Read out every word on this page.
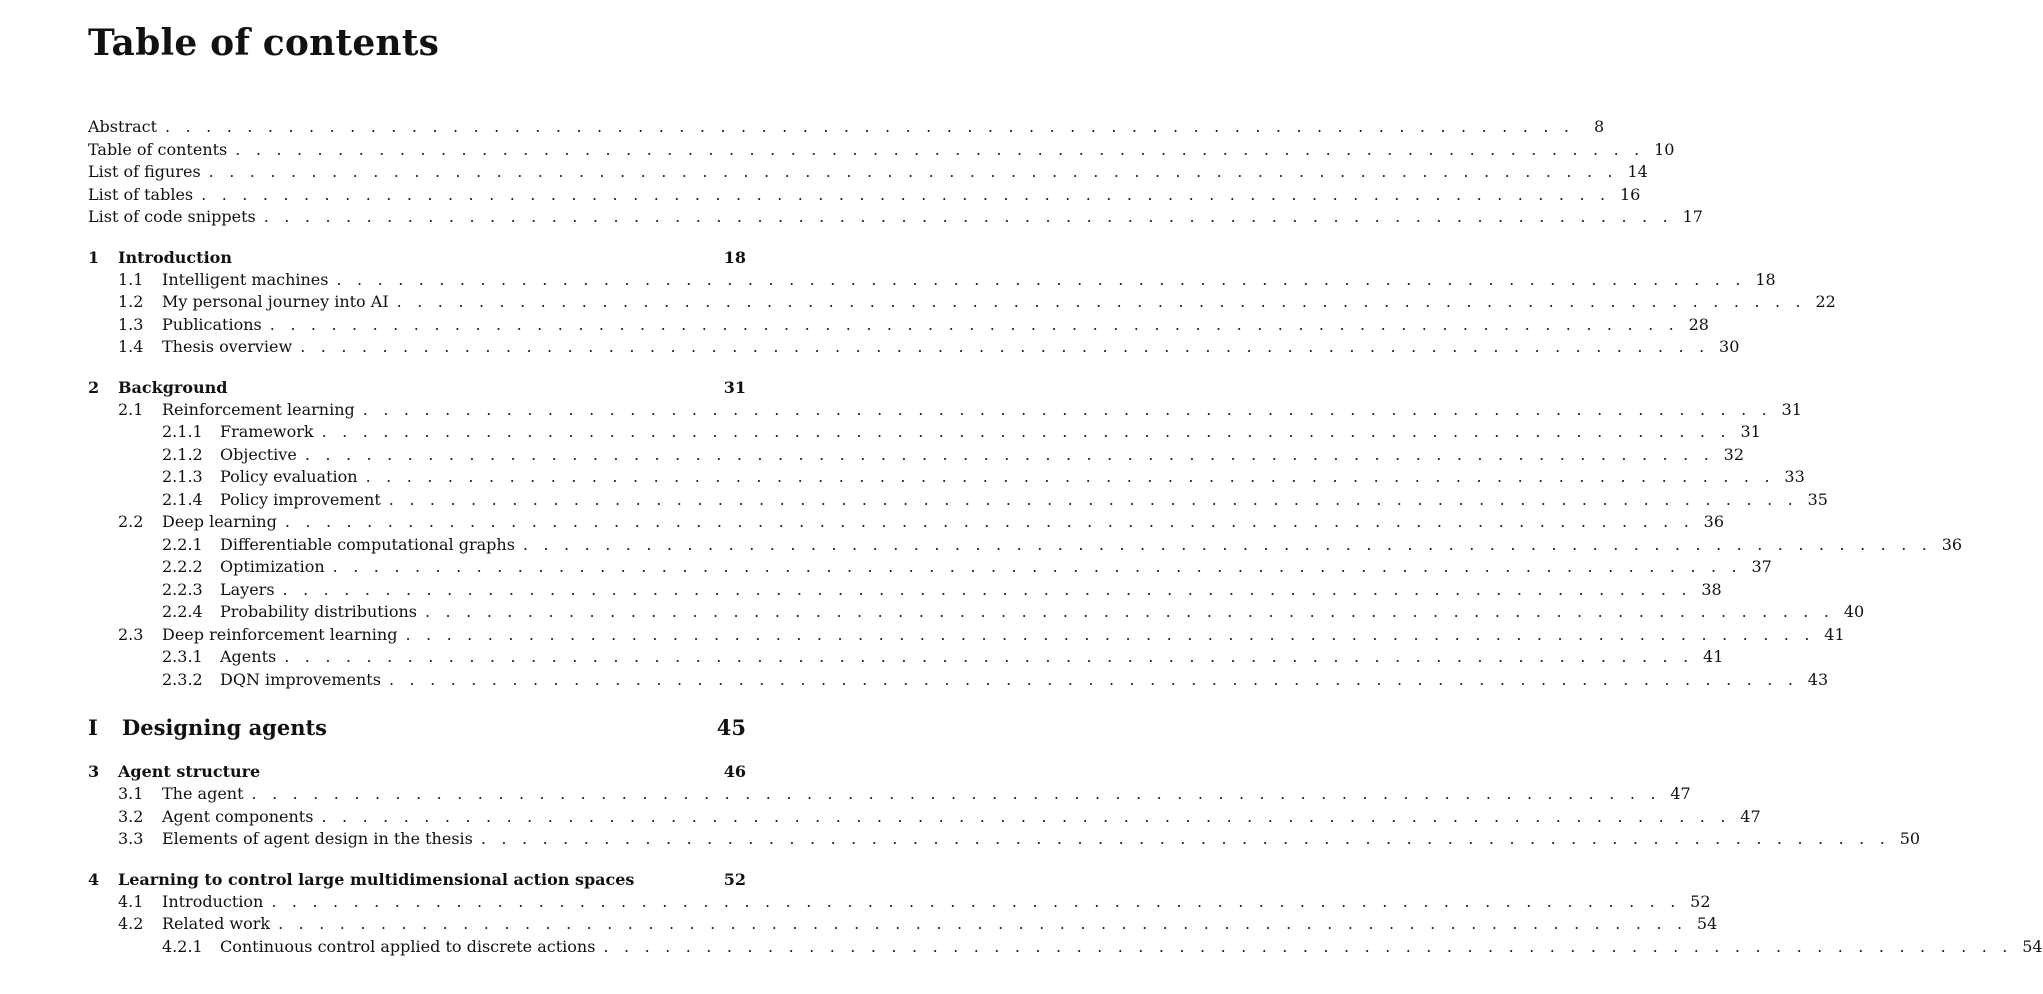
Table of contents
Abstract . . . . . . . . . . . . . . . . . . . . . . . . . . . . . . . . . . . . . . . . . . . . . . . . . . . . . . . . . . . . . . . . . . . . .	8
Table of contents . . . . . . . . . . . . . . . . . . . . . . . . . . . . . . . . . . . . . . . . . . . . . . . . . . . . . . . . . . . . . . . . . . . . . 10
List of figures . . . . . . . . . . . . . . . . . . . . . . . . . . . . . . . . . . . . . . . . . . . . . . . . . . . . . . . . . . . . . . . . . . . . . 14
List of tables . . . . . . . . . . . . . . . . . . . . . . . . . . . . . . . . . . . . . . . . . . . . . . . . . . . . . . . . . . . . . . . . . . . . . 16
List of code snippets . . . . . . . . . . . . . . . . . . . . . . . . . . . . . . . . . . . . . . . . . . . . . . . . . . . . . . . . . . . . . . . . . . . . . 17
1	Introduction	18
1.1	Intelligent machines . . . . . . . . . . . . . . . . . . . . . . . . . . . . . . . . . . . . . . . . . . . . . . . . . . . . . . . . . . . . . . . . . . . . . 18
1.2	My personal journey into AI . . . . . . . . . . . . . . . . . . . . . . . . . . . . . . . . . . . . . . . . . . . . . . . . . . . . . . . . . . . . . . . . . . . . . 22
1.3	Publications . . . . . . . . . . . . . . . . . . . . . . . . . . . . . . . . . . . . . . . . . . . . . . . . . . . . . . . . . . . . . . . . . . . . . 28
1.4	Thesis overview . . . . . . . . . . . . . . . . . . . . . . . . . . . . . . . . . . . . . . . . . . . . . . . . . . . . . . . . . . . . . . . . . . . . . 30
2	Background	31
2.1	Reinforcement learning . . . . . . . . . . . . . . . . . . . . . . . . . . . . . . . . . . . . . . . . . . . . . . . . . . . . . . . . . . . . . . . . . . . . . 31
2.1.1	Framework . . . . . . . . . . . . . . . . . . . . . . . . . . . . . . . . . . . . . . . . . . . . . . . . . . . . . . . . . . . . . . . . . . . . . 31
2.1.2	Objective . . . . . . . . . . . . . . . . . . . . . . . . . . . . . . . . . . . . . . . . . . . . . . . . . . . . . . . . . . . . . . . . . . . . . 32
2.1.3	Policy evaluation . . . . . . . . . . . . . . . . . . . . . . . . . . . . . . . . . . . . . . . . . . . . . . . . . . . . . . . . . . . . . . . . . . . . . 33
2.1.4	Policy improvement . . . . . . . . . . . . . . . . . . . . . . . . . . . . . . . . . . . . . . . . . . . . . . . . . . . . . . . . . . . . . . . . . . . . . 35
2.2	Deep learning . . . . . . . . . . . . . . . . . . . . . . . . . . . . . . . . . . . . . . . . . . . . . . . . . . . . . . . . . . . . . . . . . . . . . 36
2.2.1	Differentiable computational graphs . . . . . . . . . . . . . . . . . . . . . . . . . . . . . . . . . . . . . . . . . . . . . . . . . . . . . . . . . . . . . . . . . . . . . 36
2.2.2	Optimization . . . . . . . . . . . . . . . . . . . . . . . . . . . . . . . . . . . . . . . . . . . . . . . . . . . . . . . . . . . . . . . . . . . . . 37
2.2.3	Layers . . . . . . . . . . . . . . . . . . . . . . . . . . . . . . . . . . . . . . . . . . . . . . . . . . . . . . . . . . . . . . . . . . . . . 38
2.2.4	Probability distributions . . . . . . . . . . . . . . . . . . . . . . . . . . . . . . . . . . . . . . . . . . . . . . . . . . . . . . . . . . . . . . . . . . . . . 40
2.3	Deep reinforcement learning . . . . . . . . . . . . . . . . . . . . . . . . . . . . . . . . . . . . . . . . . . . . . . . . . . . . . . . . . . . . . . . . . . . . . 41
2.3.1	Agents . . . . . . . . . . . . . . . . . . . . . . . . . . . . . . . . . . . . . . . . . . . . . . . . . . . . . . . . . . . . . . . . . . . . . 41
2.3.2	DQN improvements . . . . . . . . . . . . . . . . . . . . . . . . . . . . . . . . . . . . . . . . . . . . . . . . . . . . . . . . . . . . . . . . . . . . . 43
I	Designing agents	45
3	Agent structure	46
3.1	The agent . . . . . . . . . . . . . . . . . . . . . . . . . . . . . . . . . . . . . . . . . . . . . . . . . . . . . . . . . . . . . . . . . . . . . 47
3.2	Agent components . . . . . . . . . . . . . . . . . . . . . . . . . . . . . . . . . . . . . . . . . . . . . . . . . . . . . . . . . . . . . . . . . . . . . 47
3.3	Elements of agent design in the thesis . . . . . . . . . . . . . . . . . . . . . . . . . . . . . . . . . . . . . . . . . . . . . . . . . . . . . . . . . . . . . . . . . . . . . 50
4	Learning to control large multidimensional action spaces	52
4.1	Introduction . . . . . . . . . . . . . . . . . . . . . . . . . . . . . . . . . . . . . . . . . . . . . . . . . . . . . . . . . . . . . . . . . . . . . 52
4.2	Related work . . . . . . . . . . . . . . . . . . . . . . . . . . . . . . . . . . . . . . . . . . . . . . . . . . . . . . . . . . . . . . . . . . . . . 54
4.2.1	Continuous control applied to discrete actions . . . . . . . . . . . . . . . . . . . . . . . . . . . . . . . . . . . . . . . . . . . . . . . . . . . . . . . . . . . . . . . . . . . . . 54
